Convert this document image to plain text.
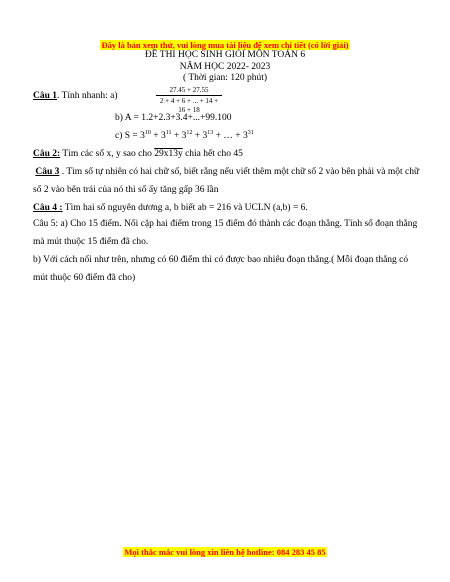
Đây là bản xem thử, vui lòng mua tài liệu để xem chi tiết (có lời giải)
ĐỀ THI HỌC SINH GIỎI MÔN TOÁN 6
NĂM HỌC 2022- 2023
( Thời gian: 120 phút)
Câu 1. Tính nhanh: a)	$\frac{27.45 + 27.55}{2 + 4 + 6 + ... + 14 + 16 + 18}$
b) A = 1.2+2.3+3.4+...+99.100
c) $S = 3^{10} + 3^{11} + 3^{12} + 3^{13}$ + … + $3^{31}$
Câu 2: Tìm các số x, y sao cho 29x13y chia hết cho 45
Câu 3 . Tìm số tự nhiên có hai chữ số, biết rằng nếu viết thêm một chữ số 2 vào bên phải và một chữ số 2 vào bên trái của nó thì số ấy tăng gấp 36 lần
Câu 4 : Tìm hai số nguyên dương a, b biết ab = 216 và UCLN (a,b) = 6.
Câu 5: a) Cho 15 điểm. Nối cặp hai điểm trong 15 điểm đó thành các đoạn thẳng. Tính số đoạn thẳng mà mút thuộc 15 điểm đã cho.
b) Với cách nối như trên, nhưng có 60 điểm thì có được bao nhiêu đoạn thẳng.( Mỗi đoạn thẳng có mút thuộc 60 điểm đã cho)
Mọi thắc mắc vui lòng xin liên hệ hotline: 084 283 45 85
